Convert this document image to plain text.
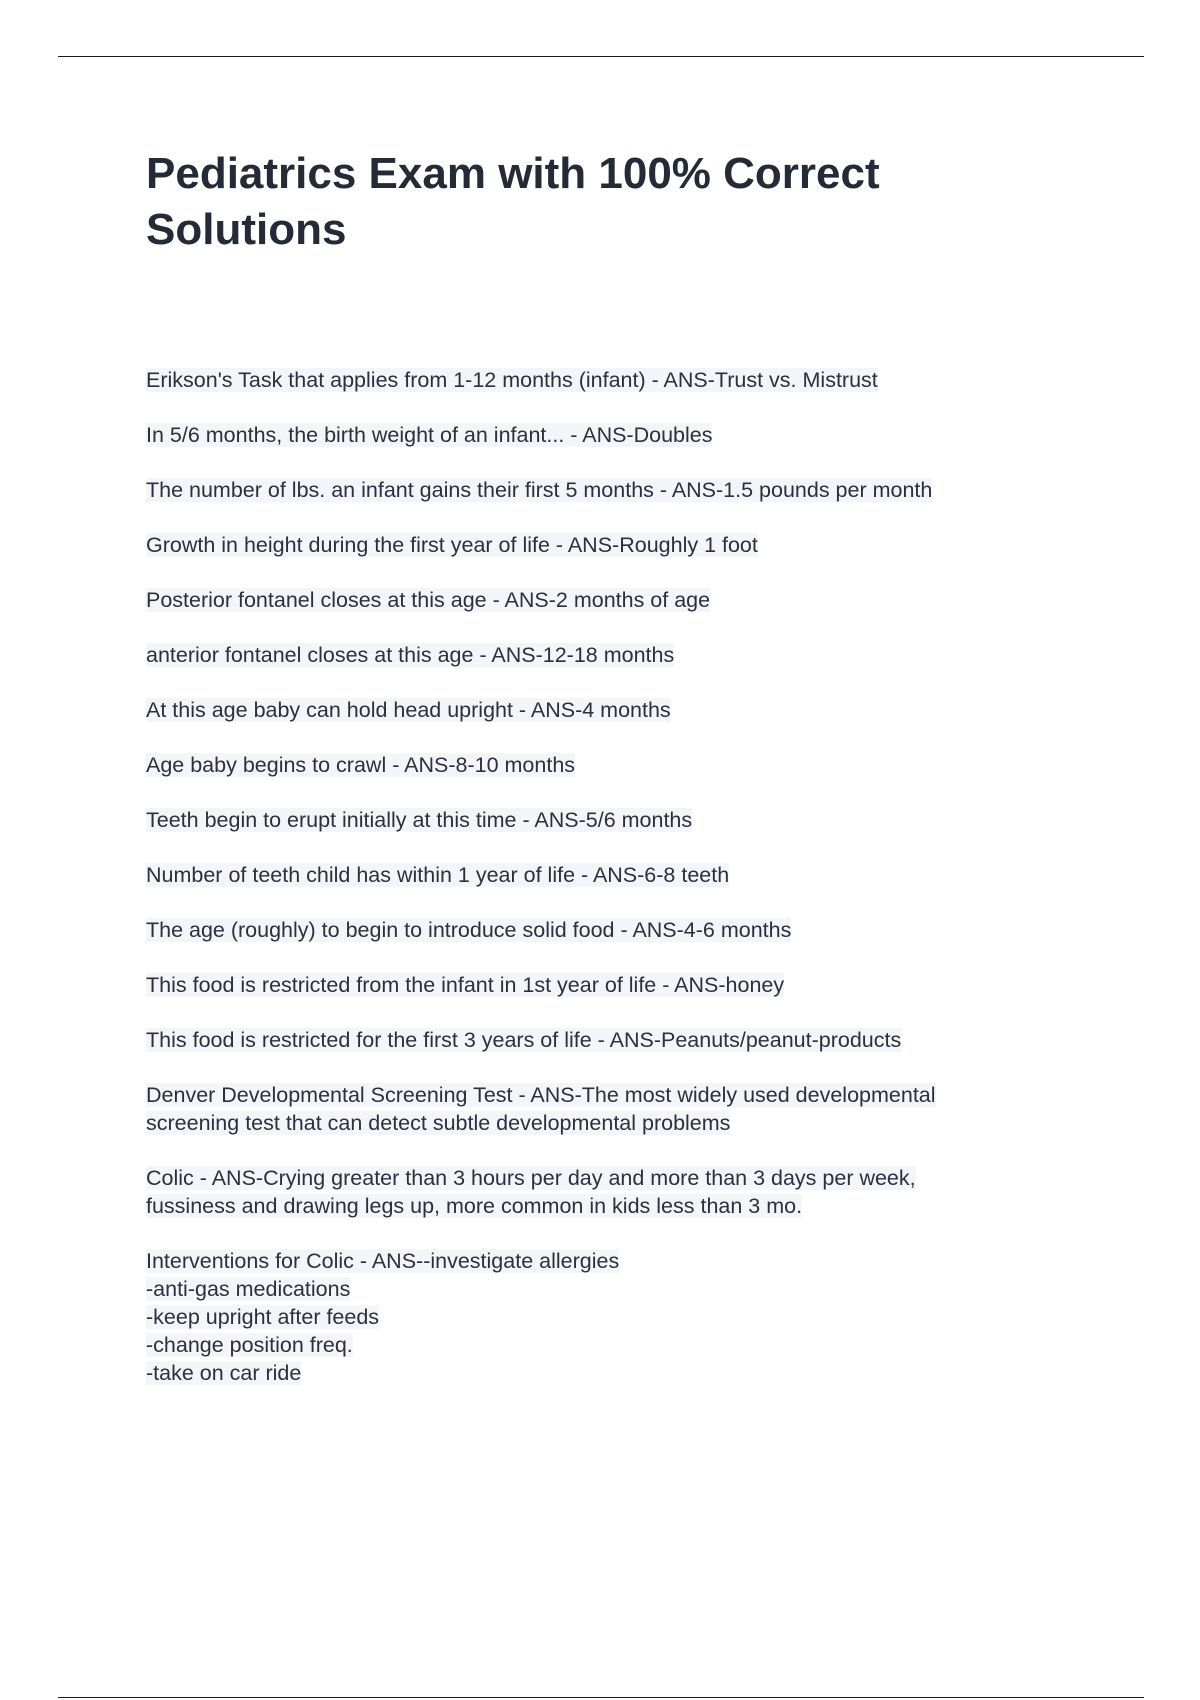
Pediatrics Exam with 100% Correct Solutions

Erikson's Task that applies from 1-12 months (infant) - ANS-Trust vs. Mistrust

In 5/6 months, the birth weight of an infant... - ANS-Doubles

The number of lbs. an infant gains their first 5 months - ANS-1.5 pounds per month

Growth in height during the first year of life - ANS-Roughly 1 foot

Posterior fontanel closes at this age - ANS-2 months of age

anterior fontanel closes at this age - ANS-12-18 months

At this age baby can hold head upright - ANS-4 months

Age baby begins to crawl - ANS-8-10 months

Teeth begin to erupt initially at this time - ANS-5/6 months

Number of teeth child has within 1 year of life - ANS-6-8 teeth

The age (roughly) to begin to introduce solid food - ANS-4-6 months

This food is restricted from the infant in 1st year of life - ANS-honey

This food is restricted for the first 3 years of life - ANS-Peanuts/peanut-products

Denver Developmental Screening Test - ANS-The most widely used developmental
screening test that can detect subtle developmental problems

Colic - ANS-Crying greater than 3 hours per day and more than 3 days per week,
fussiness and drawing legs up, more common in kids less than 3 mo.

Interventions for Colic - ANS--investigate allergies
-anti-gas medications
-keep upright after feeds
-change position freq.
-take on car ride
